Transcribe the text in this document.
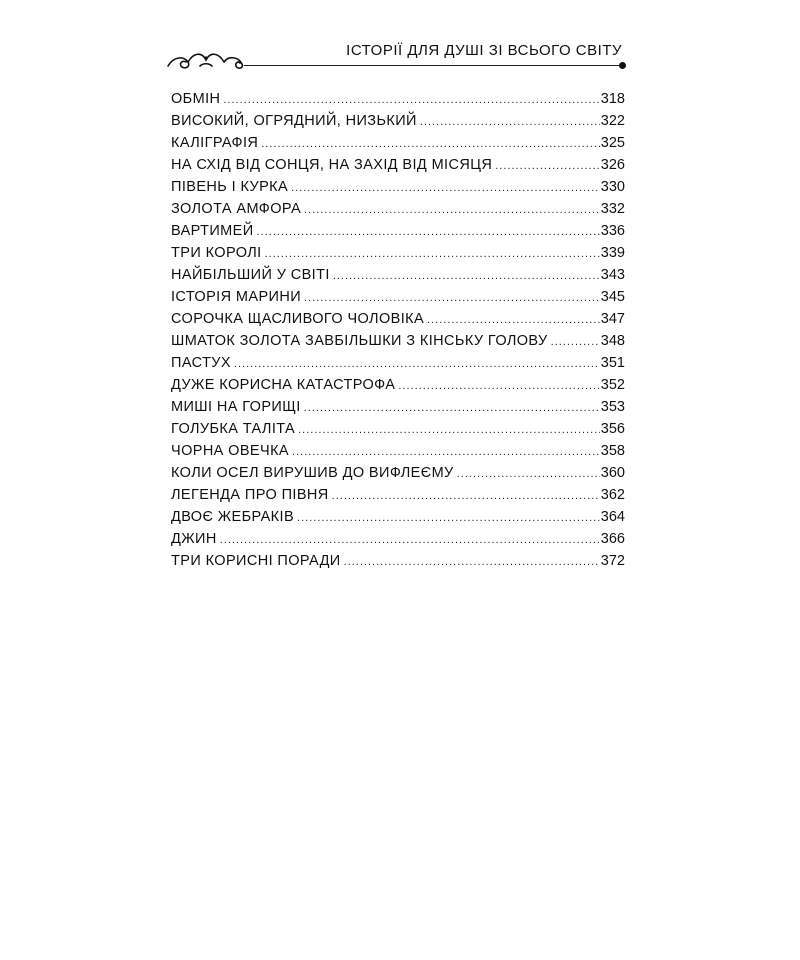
ІСТОРІЇ ДЛЯ ДУШІ ЗІ ВСЬОГО СВІТУ
ОБМІН .....	318
ВИСОКИЙ, ОГРЯДНИЙ, НИЗЬКИЙ .....	322
КАЛІГРАФІЯ .....	325
НА СХІД ВІД СОНЦЯ, НА ЗАХІД ВІД МІСЯЦЯ .....	326
ПІВЕНЬ І КУРКА .....	330
ЗОЛОТА АМФОРА .....	332
ВАРТИМЕЙ .....	336
ТРИ КОРОЛІ .....	339
НАЙБІЛЬШИЙ У СВІТІ .....	343
ІСТОРІЯ МАРИНИ .....	345
СОРОЧКА ЩАСЛИВОГО ЧОЛОВІКА .....	347
ШМАТОК ЗОЛОТА ЗАВБІЛЬШКИ З КІНСЬКУ ГОЛОВУ .....	348
ПАСТУХ .....	351
ДУЖЕ КОРИСНА КАТАСТРОФА .....	352
МИШІ НА ГОРИЩІ .....	353
ГОЛУБКА ТАЛІТА .....	356
ЧОРНА ОВЕЧКА .....	358
КОЛИ ОСЕЛ ВИРУШИВ ДО ВИФЛЕЄМУ .....	360
ЛЕГЕНДА ПРО ПІВНЯ .....	362
ДВОЄ ЖЕБРАКІВ .....	364
ДЖИН .....	366
ТРИ КОРИСНІ ПОРАДИ .....	372
